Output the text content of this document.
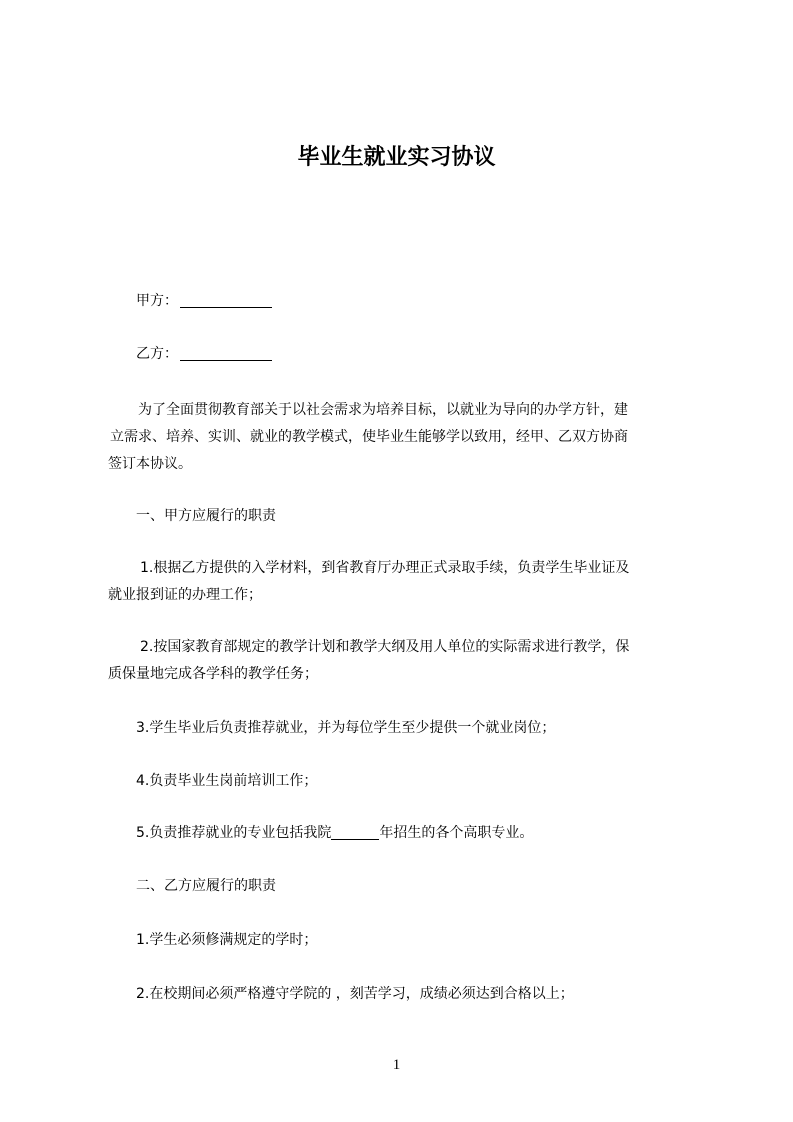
毕业生就业实习协议
甲方：
乙方：
为了全面贯彻教育部关于以社会需求为培养目标，以就业为导向的办学方针，建
立需求、培养、实训、就业的教学模式，使毕业生能够学以致用，经甲、乙双方协商
签订本协议。
一、甲方应履行的职责
1.根据乙方提供的入学材料，到省教育厅办理正式录取手续，负责学生毕业证及
就业报到证的办理工作；
2.按国家教育部规定的教学计划和教学大纲及用人单位的实际需求进行教学，保
质保量地完成各学科的教学任务；
3.学生毕业后负责推荐就业，并为每位学生至少提供一个就业岗位；
4.负责毕业生岗前培训工作；
5.负责推荐就业的专业包括我院	年招生的各个高职专业。
二、乙方应履行的职责
1.学生必须修满规定的学时；
2.在校期间必须严格遵守学院的 ，刻苦学习，成绩必须达到合格以上；
1
